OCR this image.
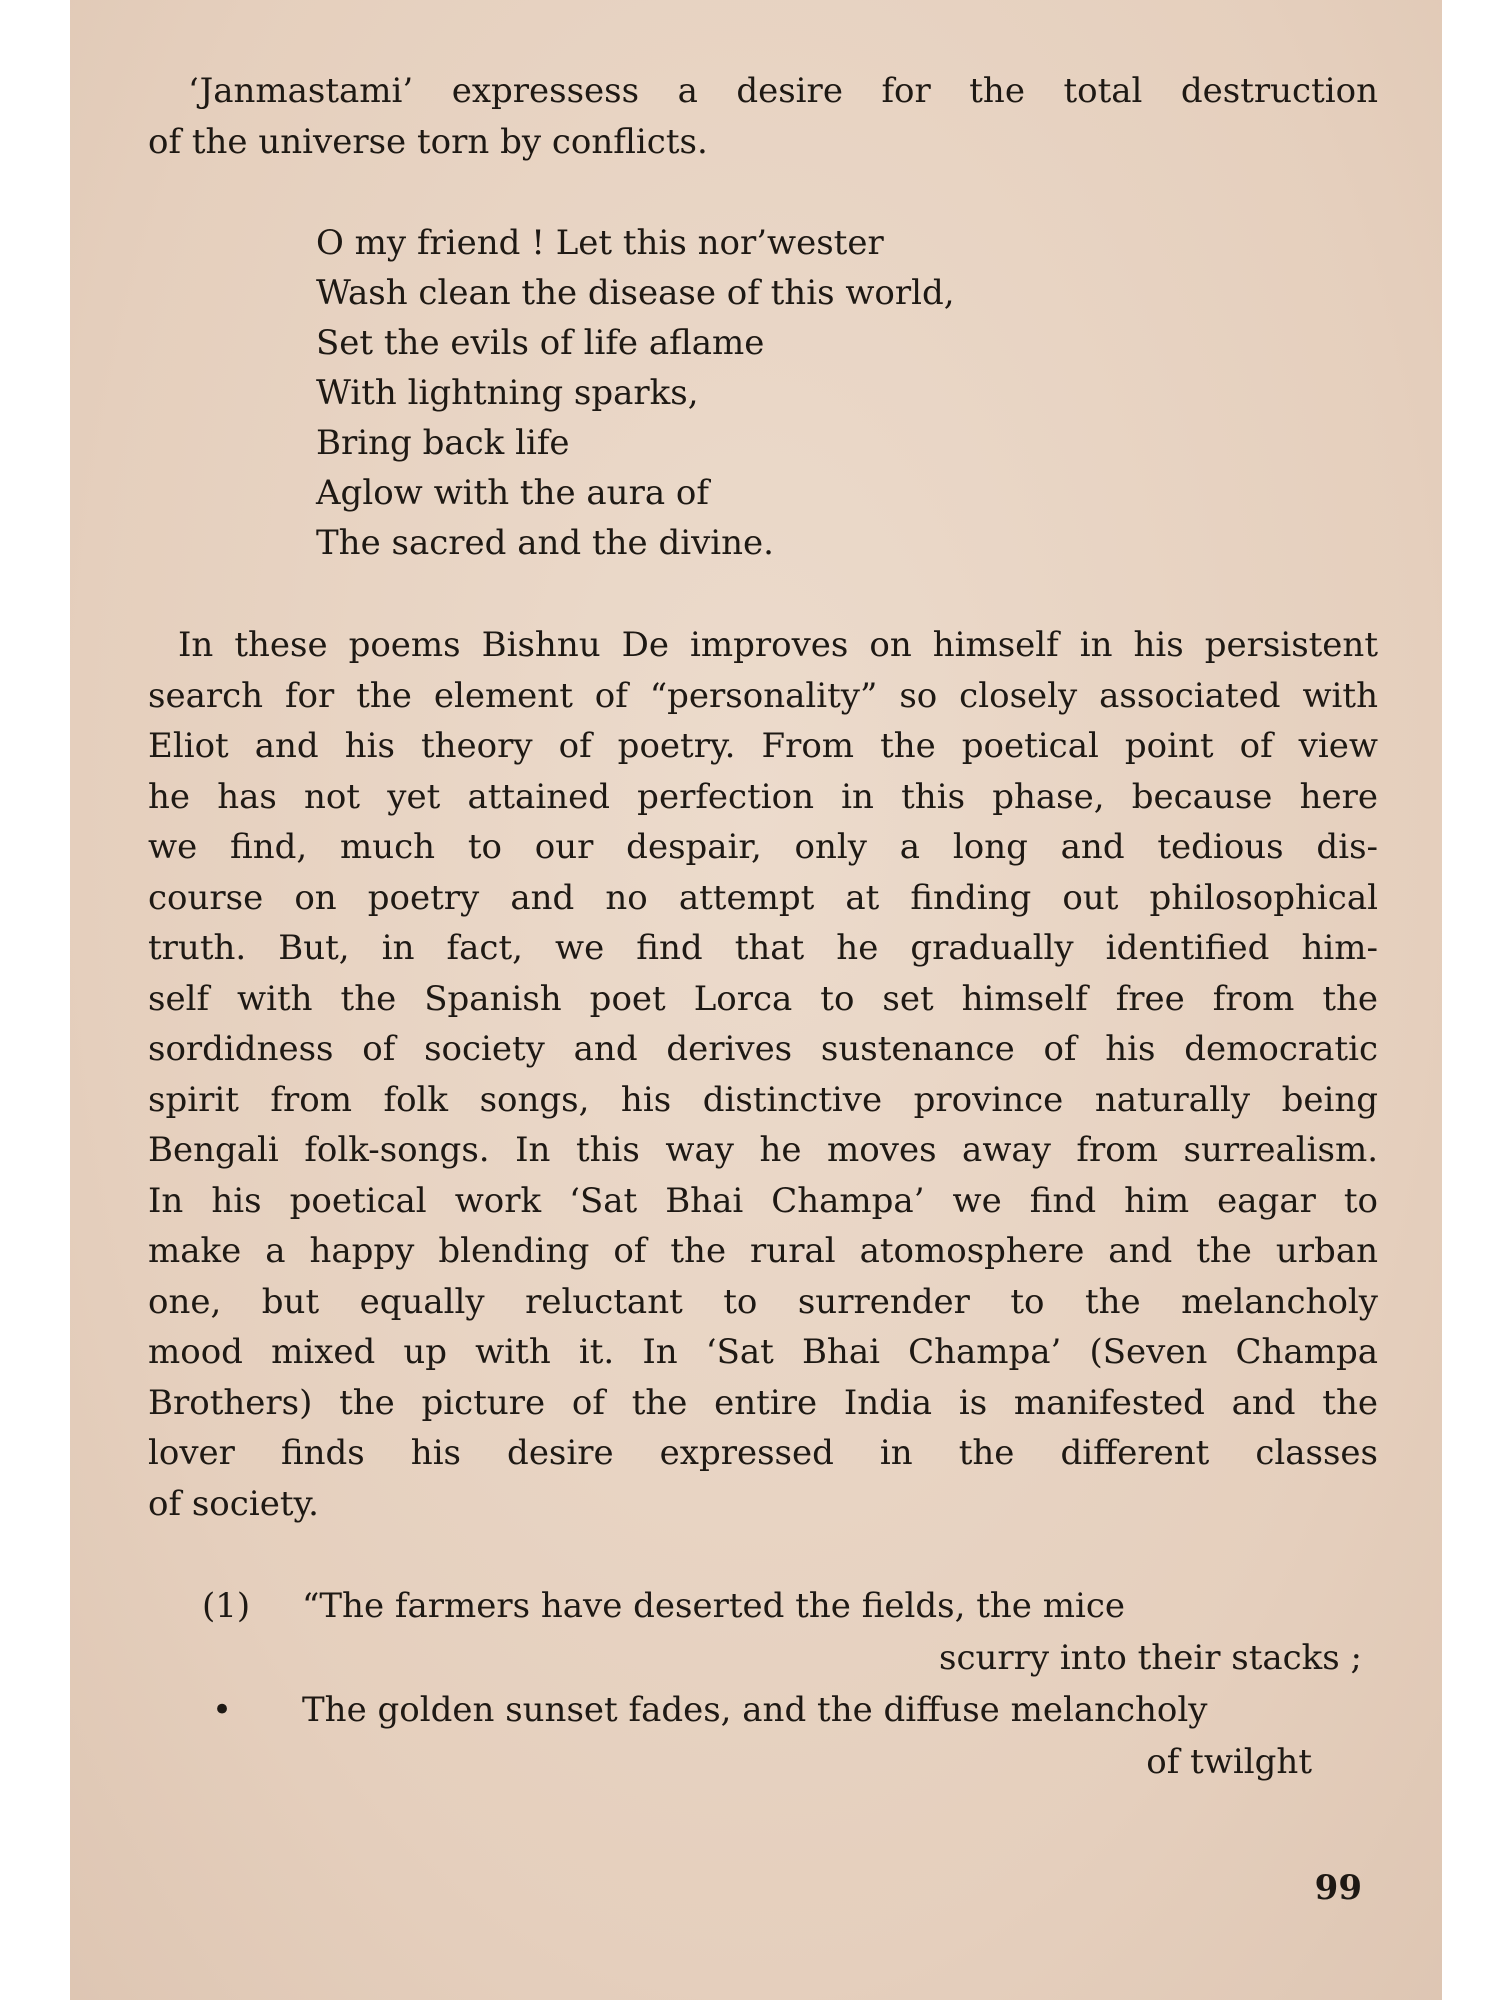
‘Janmastami’ expressess a desire for the total destruction
of the universe torn by conflicts.
O my friend ! Let this nor’wester
Wash clean the disease of this world,
Set the evils of life aflame
With lightning sparks,
Bring back life
Aglow with the aura of
The sacred and the divine.
In these poems Bishnu De improves on himself in his persistent
search for the element of “personality” so closely associated with
Eliot and his theory of poetry. From the poetical point of view
he has not yet attained perfection in this phase, because here
we find, much to our despair, only a long and tedious dis-
course on poetry and no attempt at finding out philosophical
truth. But, in fact, we find that he gradually identified him-
self with the Spanish poet Lorca to set himself free from the
sordidness of society and derives sustenance of his democratic
spirit from folk songs, his distinctive province naturally being
Bengali folk-songs. In this way he moves away from surrealism.
In his poetical work ‘Sat Bhai Champa’ we find him eagar to
make a happy blending of the rural atomosphere and the urban
one, but equally reluctant to surrender to the melancholy
mood mixed up with it. In ‘Sat Bhai Champa’ (Seven Champa
Brothers) the picture of the entire India is manifested and the
lover finds his desire expressed in the different classes
of society.
(1) “The farmers have deserted the fields, the mice
scurry into their stacks ;
• The golden sunset fades, and the diffuse melancholy
of twilght
99
